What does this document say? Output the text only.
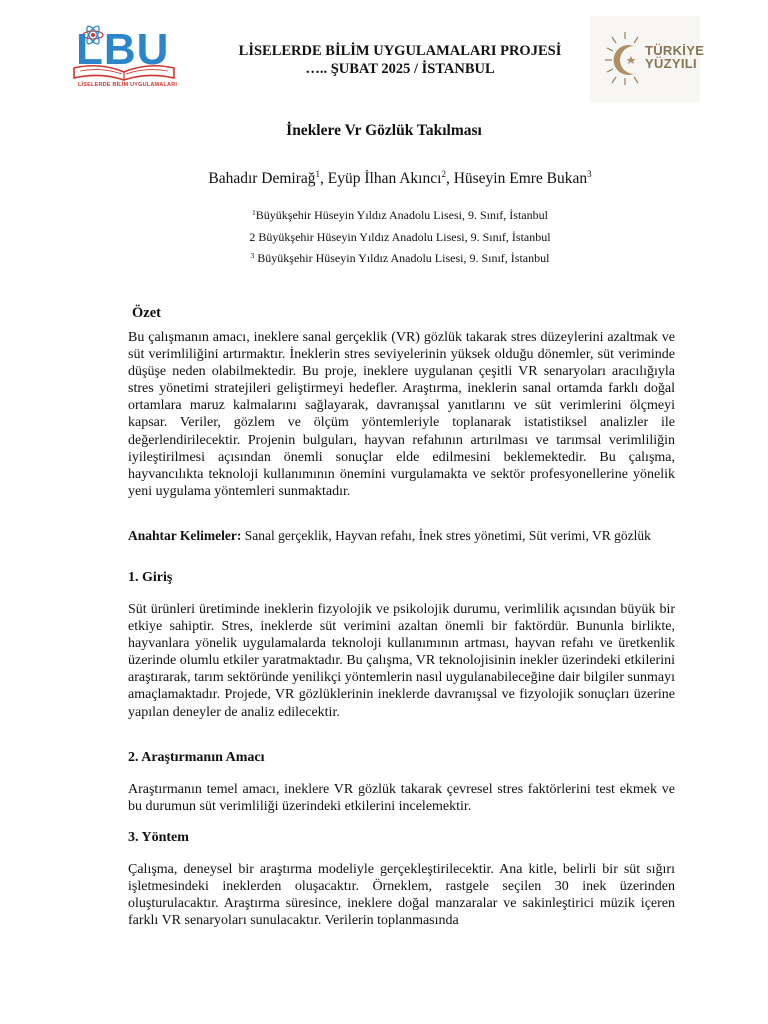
LBU
LİSELERDE BİLİM UYGULAMALARI
LİSELERDE BİLİM UYGULAMALARI PROJESİ
….. ŞUBAT 2025 / İSTANBUL
TÜRKİYE
YÜZYILI
İneklere Vr Gözlük Takılması
Bahadır Demirağ$^1$, Eyüp İlhan Akıncı$^2$, Hüseyin Emre Bukan$^3$
$^1$Büyükşehir Hüseyin Yıldız Anadolu Lisesi, 9. Sınıf, İstanbul
2 Büyükşehir Hüseyin Yıldız Anadolu Lisesi, 9. Sınıf, İstanbul
$^3$ Büyükşehir Hüseyin Yıldız Anadolu Lisesi, 9. Sınıf, İstanbul
Özet
Bu çalışmanın amacı, ineklere sanal gerçeklik (VR) gözlük takarak stres düzeylerini azaltmak ve süt verimliliğini artırmaktır. İneklerin stres seviyelerinin yüksek olduğu dönemler, süt veriminde düşüşe neden olabilmektedir. Bu proje, ineklere uygulanan çeşitli VR senaryoları aracılığıyla stres yönetimi stratejileri geliştirmeyi hedefler. Araştırma, ineklerin sanal ortamda farklı doğal ortamlara maruz kalmalarını sağlayarak, davranışsal yanıtlarını ve süt verimlerini ölçmeyi kapsar. Veriler, gözlem ve ölçüm yöntemleriyle toplanarak istatistiksel analizler ile değerlendirilecektir. Projenin bulguları, hayvan refahının artırılması ve tarımsal verimliliğin iyileştirilmesi açısından önemli sonuçlar elde edilmesini beklemektedir. Bu çalışma, hayvancılıkta teknoloji kullanımının önemini vurgulamakta ve sektör profesyonellerine yönelik yeni uygulama yöntemleri sunmaktadır.
Anahtar Kelimeler: Sanal gerçeklik, Hayvan refahı, İnek stres yönetimi, Süt verimi, VR gözlük
1. Giriş
Süt ürünleri üretiminde ineklerin fizyolojik ve psikolojik durumu, verimlilik açısından büyük bir etkiye sahiptir. Stres, ineklerde süt verimini azaltan önemli bir faktördür. Bununla birlikte, hayvanlara yönelik uygulamalarda teknoloji kullanımının artması, hayvan refahı ve üretkenlik üzerinde olumlu etkiler yaratmaktadır. Bu çalışma, VR teknolojisinin inekler üzerindeki etkilerini araştırarak, tarım sektöründe yenilikçi yöntemlerin nasıl uygulanabileceğine dair bilgiler sunmayı amaçlamaktadır. Projede, VR gözlüklerinin ineklerde davranışsal ve fizyolojik sonuçları üzerine yapılan deneyler de analiz edilecektir.
2. Araştırmanın Amacı
Araştırmanın temel amacı, ineklere VR gözlük takarak çevresel stres faktörlerini test ekmek ve bu durumun süt verimliliği üzerindeki etkilerini incelemektir.
3. Yöntem
Çalışma, deneysel bir araştırma modeliyle gerçekleştirilecektir. Ana kitle, belirli bir süt sığırı işletmesindeki ineklerden oluşacaktır. Örneklem, rastgele seçilen 30 inek üzerinden oluşturulacaktır. Araştırma süresince, ineklere doğal manzaralar ve sakinleştirici müzik içeren farklı VR senaryoları sunulacaktır. Verilerin toplanmasında
